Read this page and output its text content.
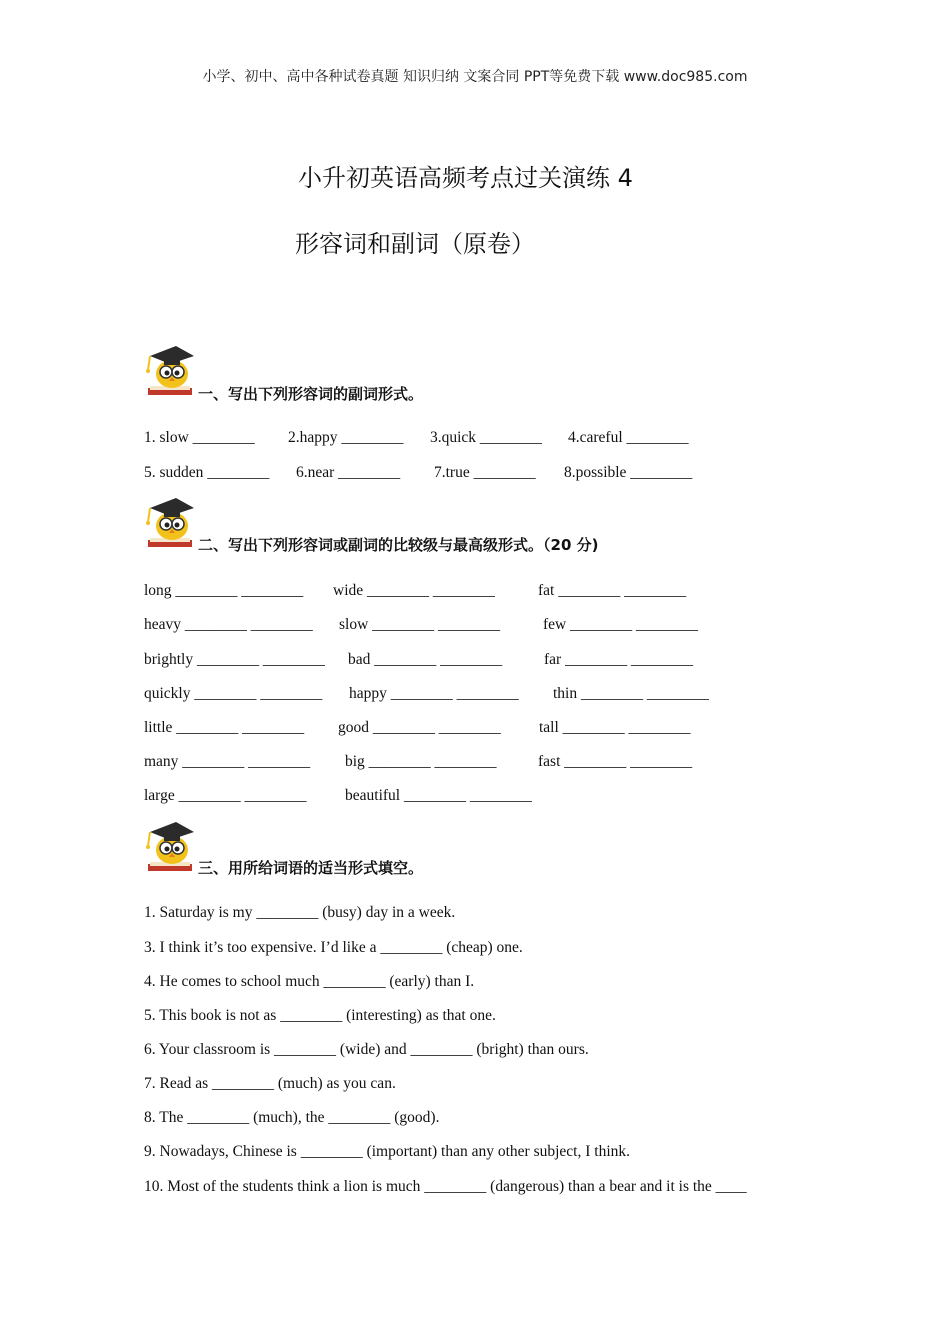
小学、初中、高中各种试卷真题 知识归纳 文案合同 PPT等免费下载 www.doc985.com
小升初英语高频考点过关演练 4
形容词和副词（原卷）
一、写出下列形容词的副词形式。
1. slow ________ 2.happy ________ 3.quick ________ 4.careful ________
5. sudden ________ 6.near ________ 7.true ________ 8.possible ________
二、写出下列形容词或副词的比较级与最高级形式。（20 分)
long ________ ________ wide ________ ________	fat ________ ________
heavy ________ ________ slow ________ ________	few ________ ________
brightly ________ ________ bad ________ ________	far ________ ________
quickly ________ ________ happy ________ ________ thin ________ ________
little ________ ________ good ________ ________ tall ________ ________
many ________ ________ big ________ ________	fast ________ ________
large ________ ________ beautiful ________ ________
三、用所给词语的适当形式填空。
1. Saturday is my ________ (busy) day in a week.
3. I think it’s too expensive. I’d like a ________ (cheap) one.
4. He comes to school much ________ (early) than I.
5. This book is not as ________ (interesting) as that one.
6. Your classroom is ________ (wide) and ________ (bright) than ours.
7. Read as ________ (much) as you can.
8. The ________ (much), the ________ (good).
9. Nowadays, Chinese is ________ (important) than any other subject, I think.
10. Most of the students think a lion is much ________ (dangerous) than a bear and it is the ____
